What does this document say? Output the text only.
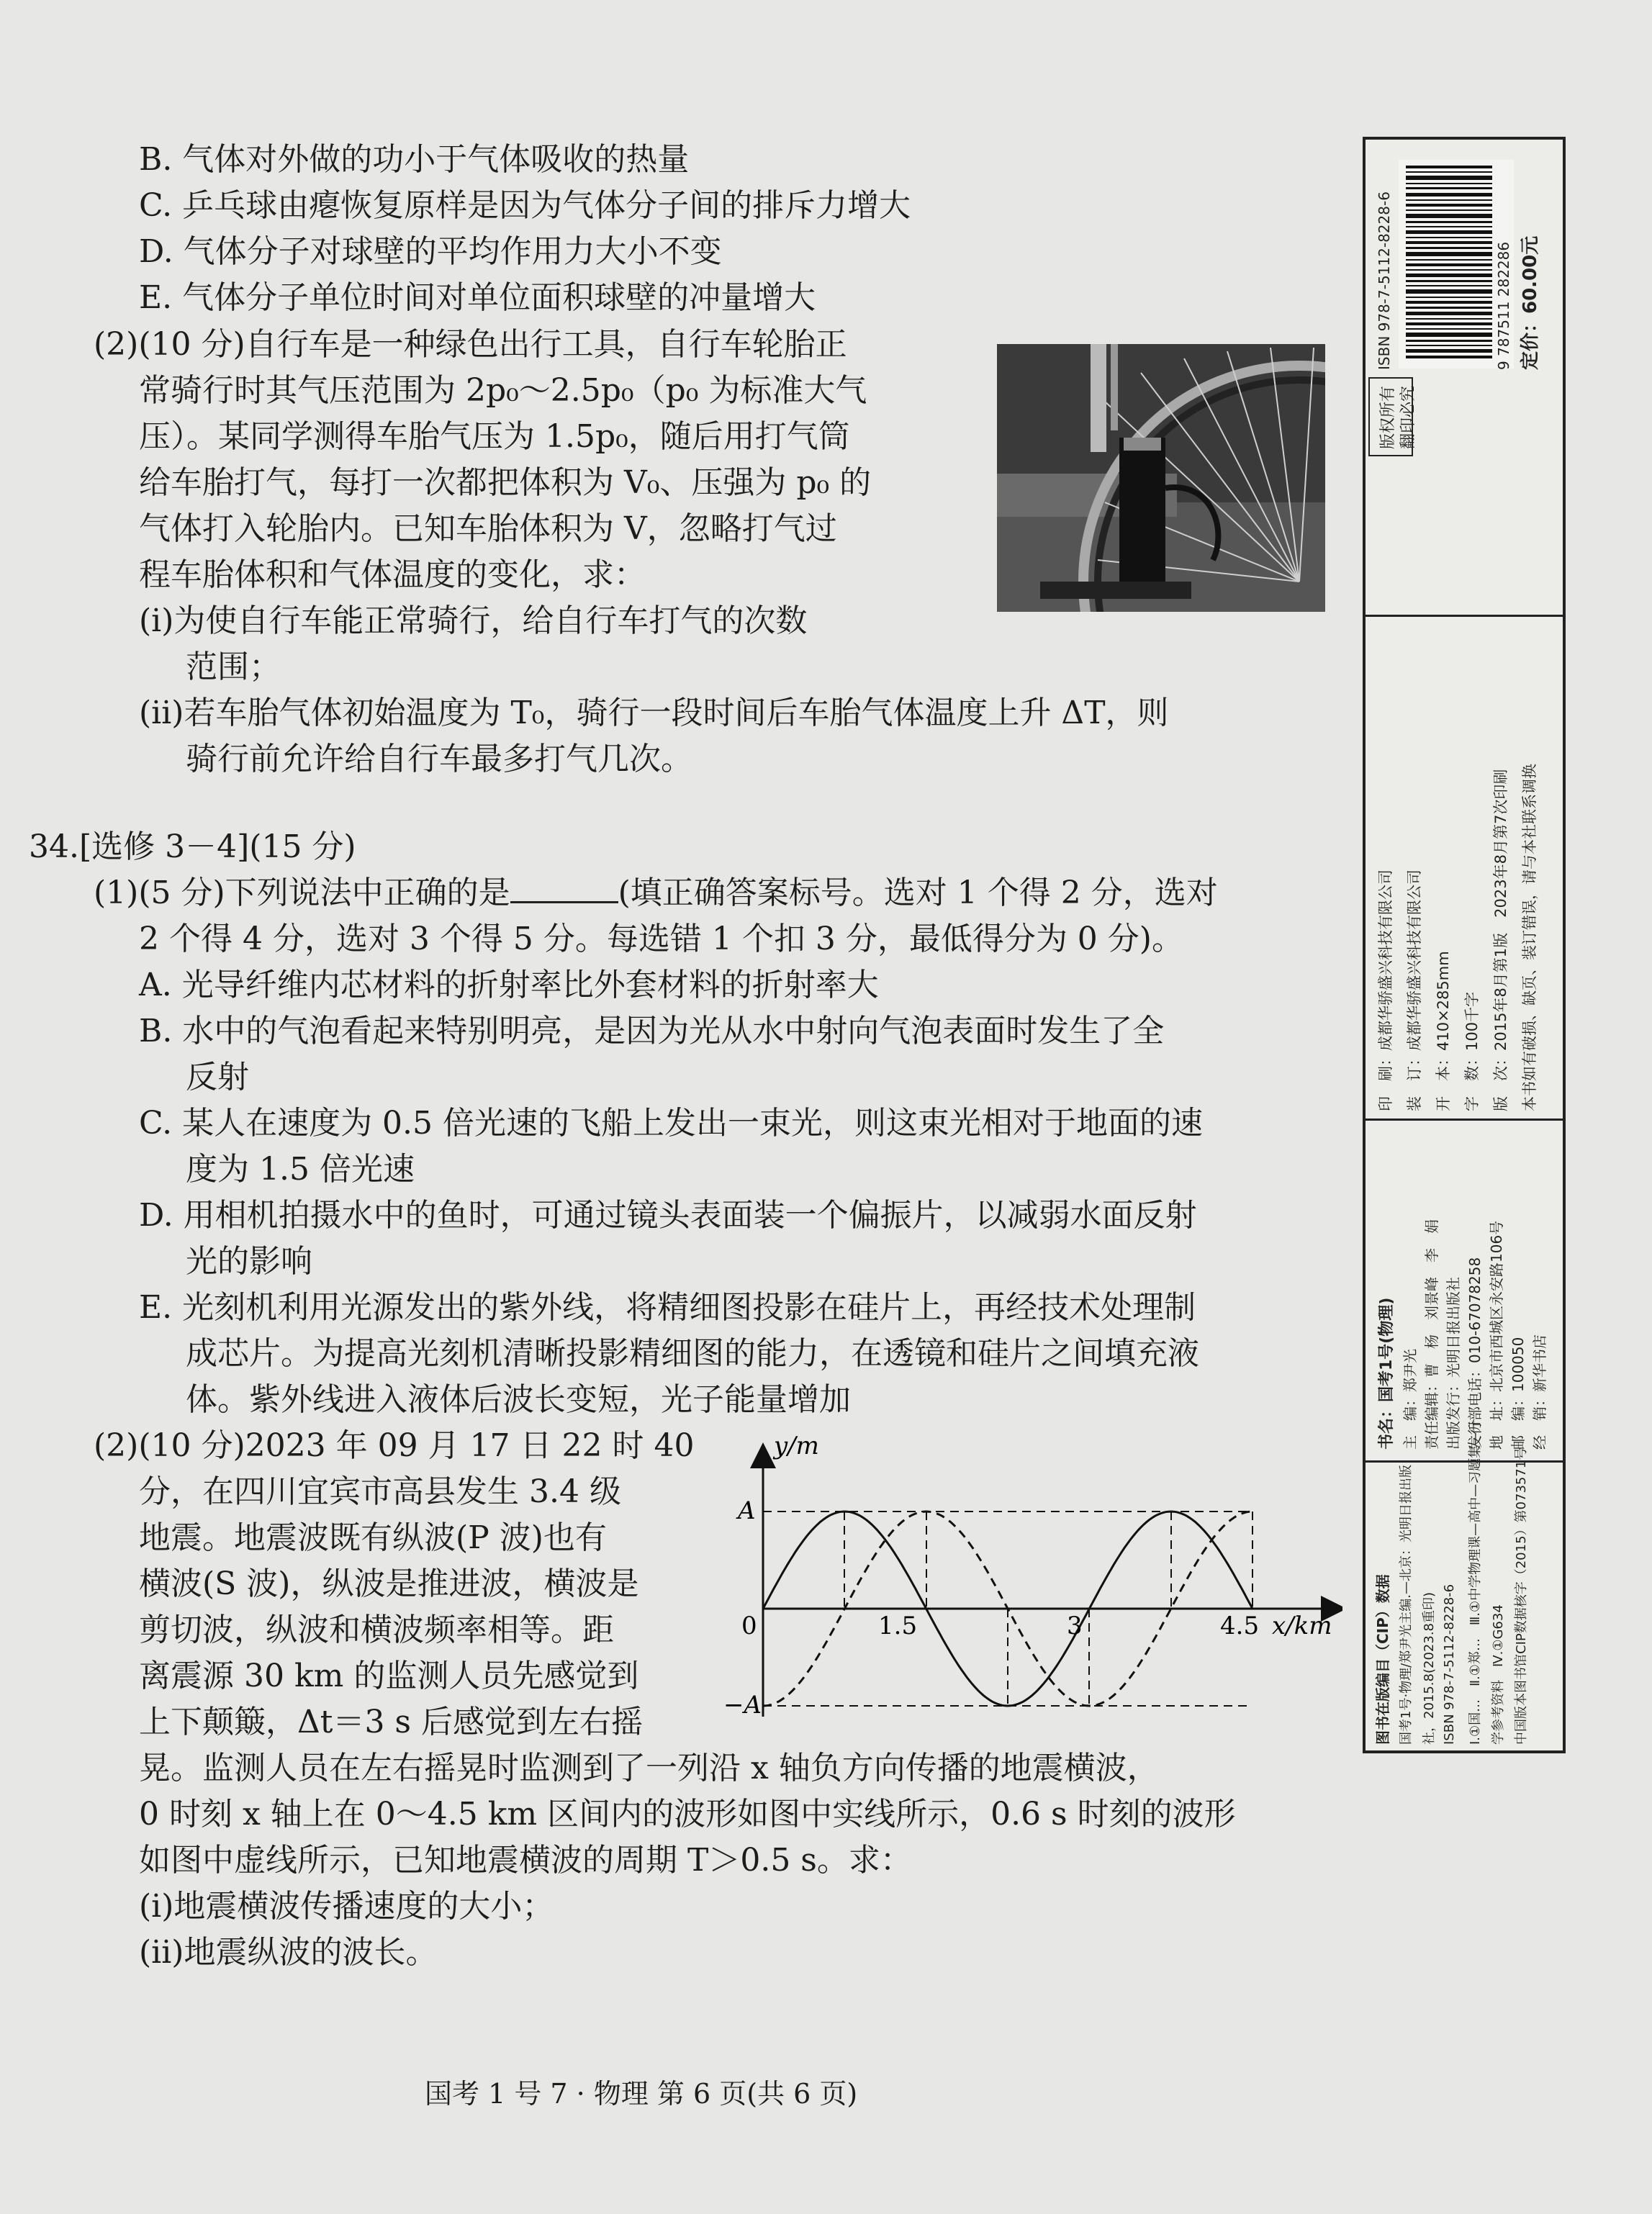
B. 气体对外做的功小于气体吸收的热量
C. 乒乓球由瘪恢复原样是因为气体分子间的排斥力增大
D. 气体分子对球壁的平均作用力大小不变
E. 气体分子单位时间对单位面积球壁的冲量增大
(2)(10 分)自行车是一种绿色出行工具，自行车轮胎正
常骑行时其气压范围为 2p₀～2.5p₀（p₀ 为标准大气
压）。某同学测得车胎气压为 1.5p₀，随后用打气筒
给车胎打气，每打一次都把体积为 V₀、压强为 p₀ 的
气体打入轮胎内。已知车胎体积为 V，忽略打气过
程车胎体积和气体温度的变化，求：
(ⅰ)为使自行车能正常骑行，给自行车打气的次数
范围；
(ⅱ)若车胎气体初始温度为 T₀，骑行一段时间后车胎气体温度上升 ΔT，则
骑行前允许给自行车最多打气几次。
34.[选修 3－4](15 分)
(1)(5 分)下列说法中正确的是	(填正确答案标号。选对 1 个得 2 分，选对
2 个得 4 分，选对 3 个得 5 分。每选错 1 个扣 3 分，最低得分为 0 分)。
A. 光导纤维内芯材料的折射率比外套材料的折射率大
B. 水中的气泡看起来特别明亮，是因为光从水中射向气泡表面时发生了全
反射
C. 某人在速度为 0.5 倍光速的飞船上发出一束光，则这束光相对于地面的速
度为 1.5 倍光速
D. 用相机拍摄水中的鱼时，可通过镜头表面装一个偏振片，以减弱水面反射
光的影响
E. 光刻机利用光源发出的紫外线，将精细图投影在硅片上，再经技术处理制
成芯片。为提高光刻机清晰投影精细图的能力，在透镜和硅片之间填充液
体。紫外线进入液体后波长变短，光子能量增加
(2)(10 分)2023 年 09 月 17 日 22 时 40
分，在四川宜宾市高县发生 3.4 级
地震。地震波既有纵波(P 波)也有
横波(S 波)，纵波是推进波，横波是
剪切波，纵波和横波频率相等。距
离震源 30 km 的监测人员先感觉到
上下颠簸，Δt＝3 s 后感觉到左右摇
晃。监测人员在左右摇晃时监测到了一列沿 x 轴负方向传播的地震横波，
0 时刻 x 轴上在 0～4.5 km 区间内的波形如图中实线所示，0.6 s 时刻的波形
如图中虚线所示，已知地震横波的周期 T＞0.5 s。求：
(ⅰ)地震横波传播速度的大小；
(ⅱ)地震纵波的波长。
y/m
x/km
A
−A
0	1.5	3	4.5
国考 1 号 7 · 物理 第 6 页(共 6 页)
ISBN 978-7-5112-8228-6	9 787511 282286 定价：60.00元
版权所有 翻印必究
印　刷：成都华骄盛兴科技有限公司 装　订：成都华骄盛兴科技有限公司 开　本：410×285mm 字　数：100千字 版　次：2015年8月第1版　2023年8月第7次印刷 本书如有破损、缺页、装订错误，请与本社联系调换
书名：国考1号(物理) 主　编：郑尹光 责任编辑：曹　杨　刘景峰　李　娟 出版发行：光明日报出版社 发行部电话：010-67078258 地　址：北京市西城区永安路106号 邮　编：100050 经　销：新华书店
图书在版编目（CIP）数据 国考1号·物理/郑尹光主编.—北京：光明日报出版 社，2015.8(2023.8重印) ISBN 978-7-5112-8228-6 Ⅰ.①国…　Ⅱ.①郑…　Ⅲ.①中学物理课—高中—习题集—升 学参考资料　Ⅳ.①G634 中国版本图书馆CIP数据核字（2015）第073571号
